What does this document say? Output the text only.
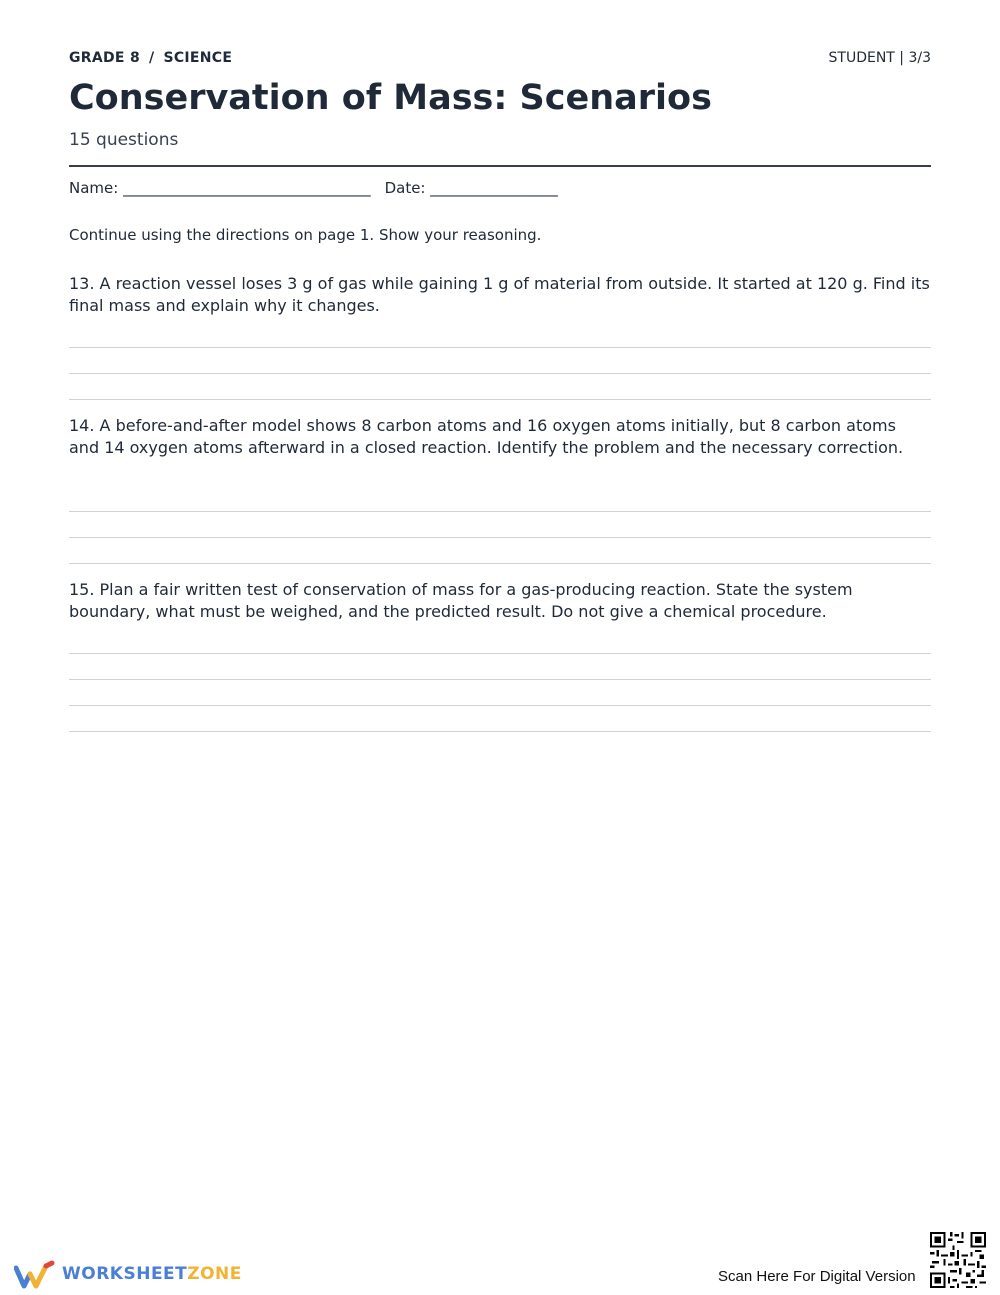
GRADE 8 / SCIENCE	STUDENT | 3/3
Conservation of Mass: Scenarios
15 questions
Name: _________________________________ Date: _________________
Continue using the directions on page 1. Show your reasoning.
13. A reaction vessel loses 3 g of gas while gaining 1 g of material from outside. It started at 120 g. Find its final mass and explain why it changes.
14. A before-and-after model shows 8 carbon atoms and 16 oxygen atoms initially, but 8 carbon atoms and 14 oxygen atoms afterward in a closed reaction. Identify the problem and the necessary correction.
15. Plan a fair written test of conservation of mass for a gas-producing reaction. State the system boundary, what must be weighed, and the predicted result. Do not give a chemical procedure.
WORKSHEETZONE	Scan Here For Digital Version
